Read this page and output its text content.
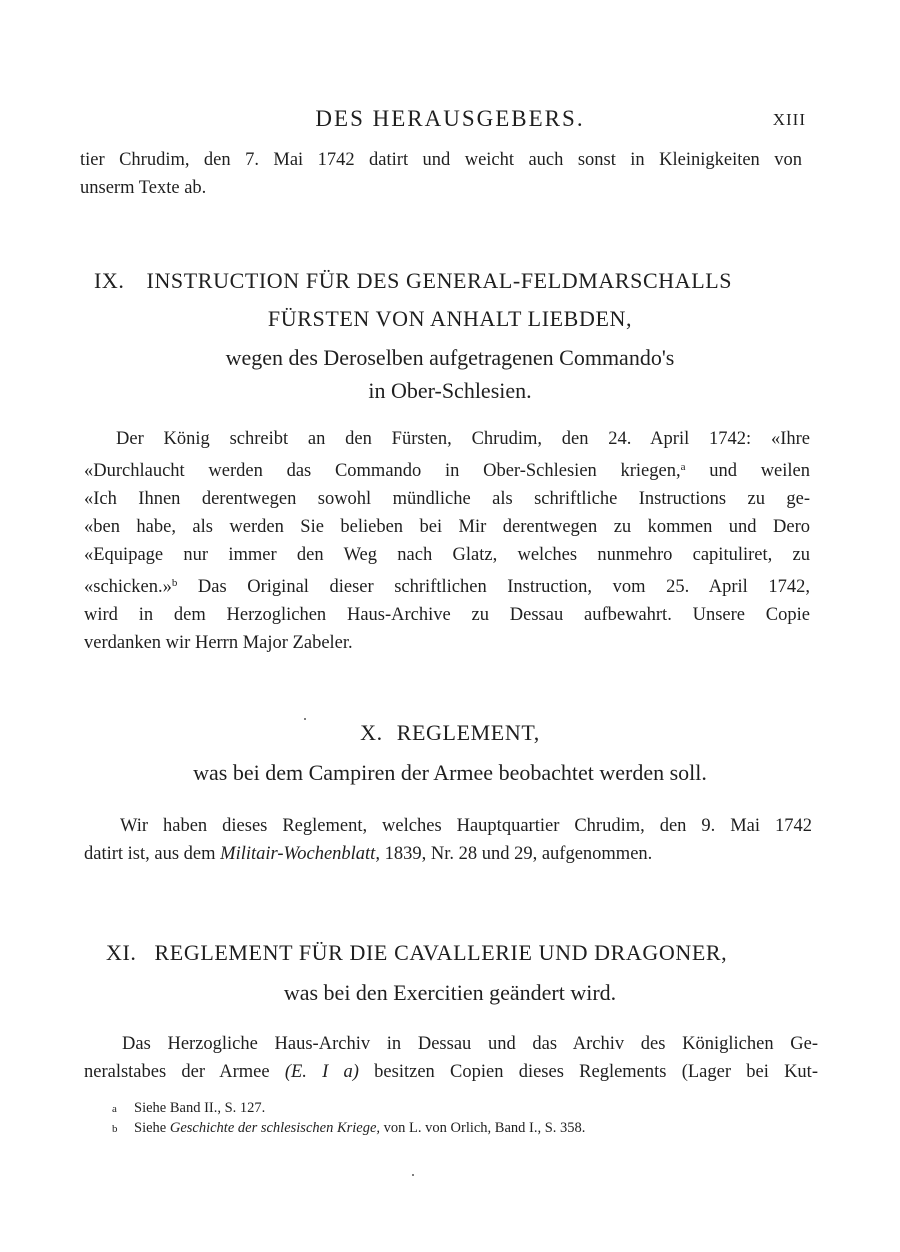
DES HERAUSGEBERS.	XIII
tier Chrudim, den 7. Mai 1742 datirt und weicht auch sonst in Kleinigkeiten von
unserm Texte ab.
IX. INSTRUCTION FÜR DES GENERAL-FELDMARSCHALLS
FÜRSTEN VON ANHALT LIEBDEN,
wegen des Deroselben aufgetragenen Commando's
in Ober-Schlesien.
Der König schreibt an den Fürsten, Chrudim, den 24. April 1742: «Ihre
«Durchlaucht werden das Commando in Ober-Schlesien kriegen,$^a$ und weilen
«Ich Ihnen derentwegen sowohl mündliche als schriftliche Instructions zu ge-
«ben habe, als werden Sie belieben bei Mir derentwegen zu kommen und Dero
«Equipage nur immer den Weg nach Glatz, welches nunmehro capituliret, zu
«schicken.»$^b$ Das Original dieser schriftlichen Instruction, vom 25. April 1742,
wird in dem Herzoglichen Haus-Archive zu Dessau aufbewahrt. Unsere Copie
verdanken wir Herrn Major Zabeler.
X. REGLEMENT,
was bei dem Campiren der Armee beobachtet werden soll.
Wir haben dieses Reglement, welches Hauptquartier Chrudim, den 9. Mai 1742
datirt ist, aus dem Militair-Wochenblatt, 1839, Nr. 28 und 29, aufgenommen.
XI. REGLEMENT FÜR DIE CAVALLERIE UND DRAGONER,
was bei den Exercitien geändert wird.
Das Herzogliche Haus-Archiv in Dessau und das Archiv des Königlichen Ge-
neralstabes der Armee (E. I a) besitzen Copien dieses Reglements (Lager bei Kut-
a Siehe Band II., S. 127.
b Siehe Geschichte der schlesischen Kriege, von L. von Orlich, Band I., S. 358.
